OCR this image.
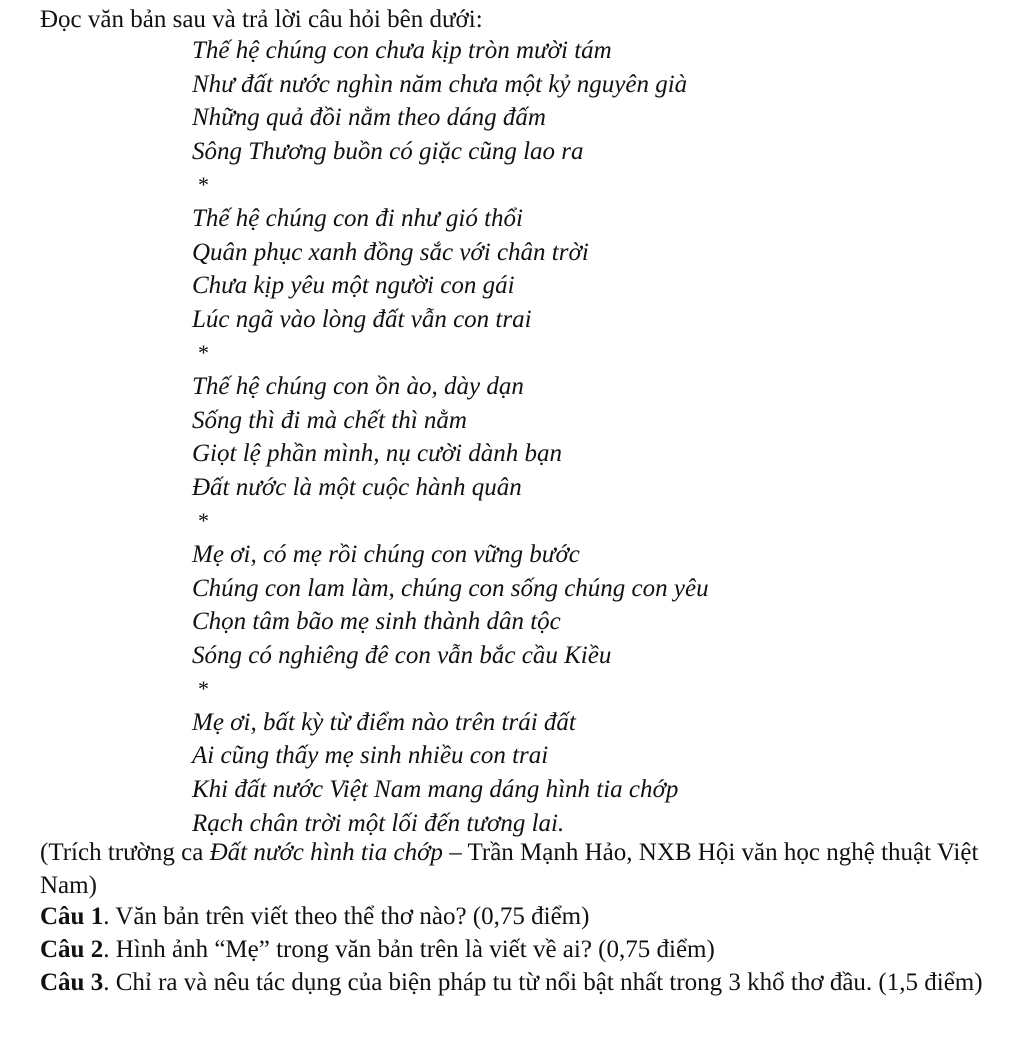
Đọc văn bản sau và trả lời câu hỏi bên dưới:
Thế hệ chúng con chưa kịp tròn mười tám
Như đất nước nghìn năm chưa một kỷ nguyên già
Những quả đồi nằm theo dáng đấm
Sông Thương buồn có giặc cũng lao ra
*
Thế hệ chúng con đi như gió thổi
Quân phục xanh đồng sắc với chân trời
Chưa kịp yêu một người con gái
Lúc ngã vào lòng đất vẫn con trai
*
Thế hệ chúng con ồn ào, dày dạn
Sống thì đi mà chết thì nằm
Giọt lệ phần mình, nụ cười dành bạn
Đất nước là một cuộc hành quân
*
Mẹ ơi, có mẹ rồi chúng con vững bước
Chúng con lam làm, chúng con sống chúng con yêu
Chọn tâm bão mẹ sinh thành dân tộc
Sóng có nghiêng đê con vẫn bắc cầu Kiều
*
Mẹ ơi, bất kỳ từ điểm nào trên trái đất
Ai cũng thấy mẹ sinh nhiều con trai
Khi đất nước Việt Nam mang dáng hình tia chớp
Rạch chân trời một lối đến tương lai.
(Trích trường ca Đất nước hình tia chớp – Trần Mạnh Hảo, NXB Hội văn học nghệ thuật Việt Nam)

Câu 1. Văn bản trên viết theo thể thơ nào? (0,75 điểm)

Câu 2. Hình ảnh “Mẹ” trong văn bản trên là viết về ai? (0,75 điểm)

Câu 3. Chỉ ra và nêu tác dụng của biện pháp tu từ nổi bật nhất trong 3 khổ thơ đầu. (1,5 điểm)
